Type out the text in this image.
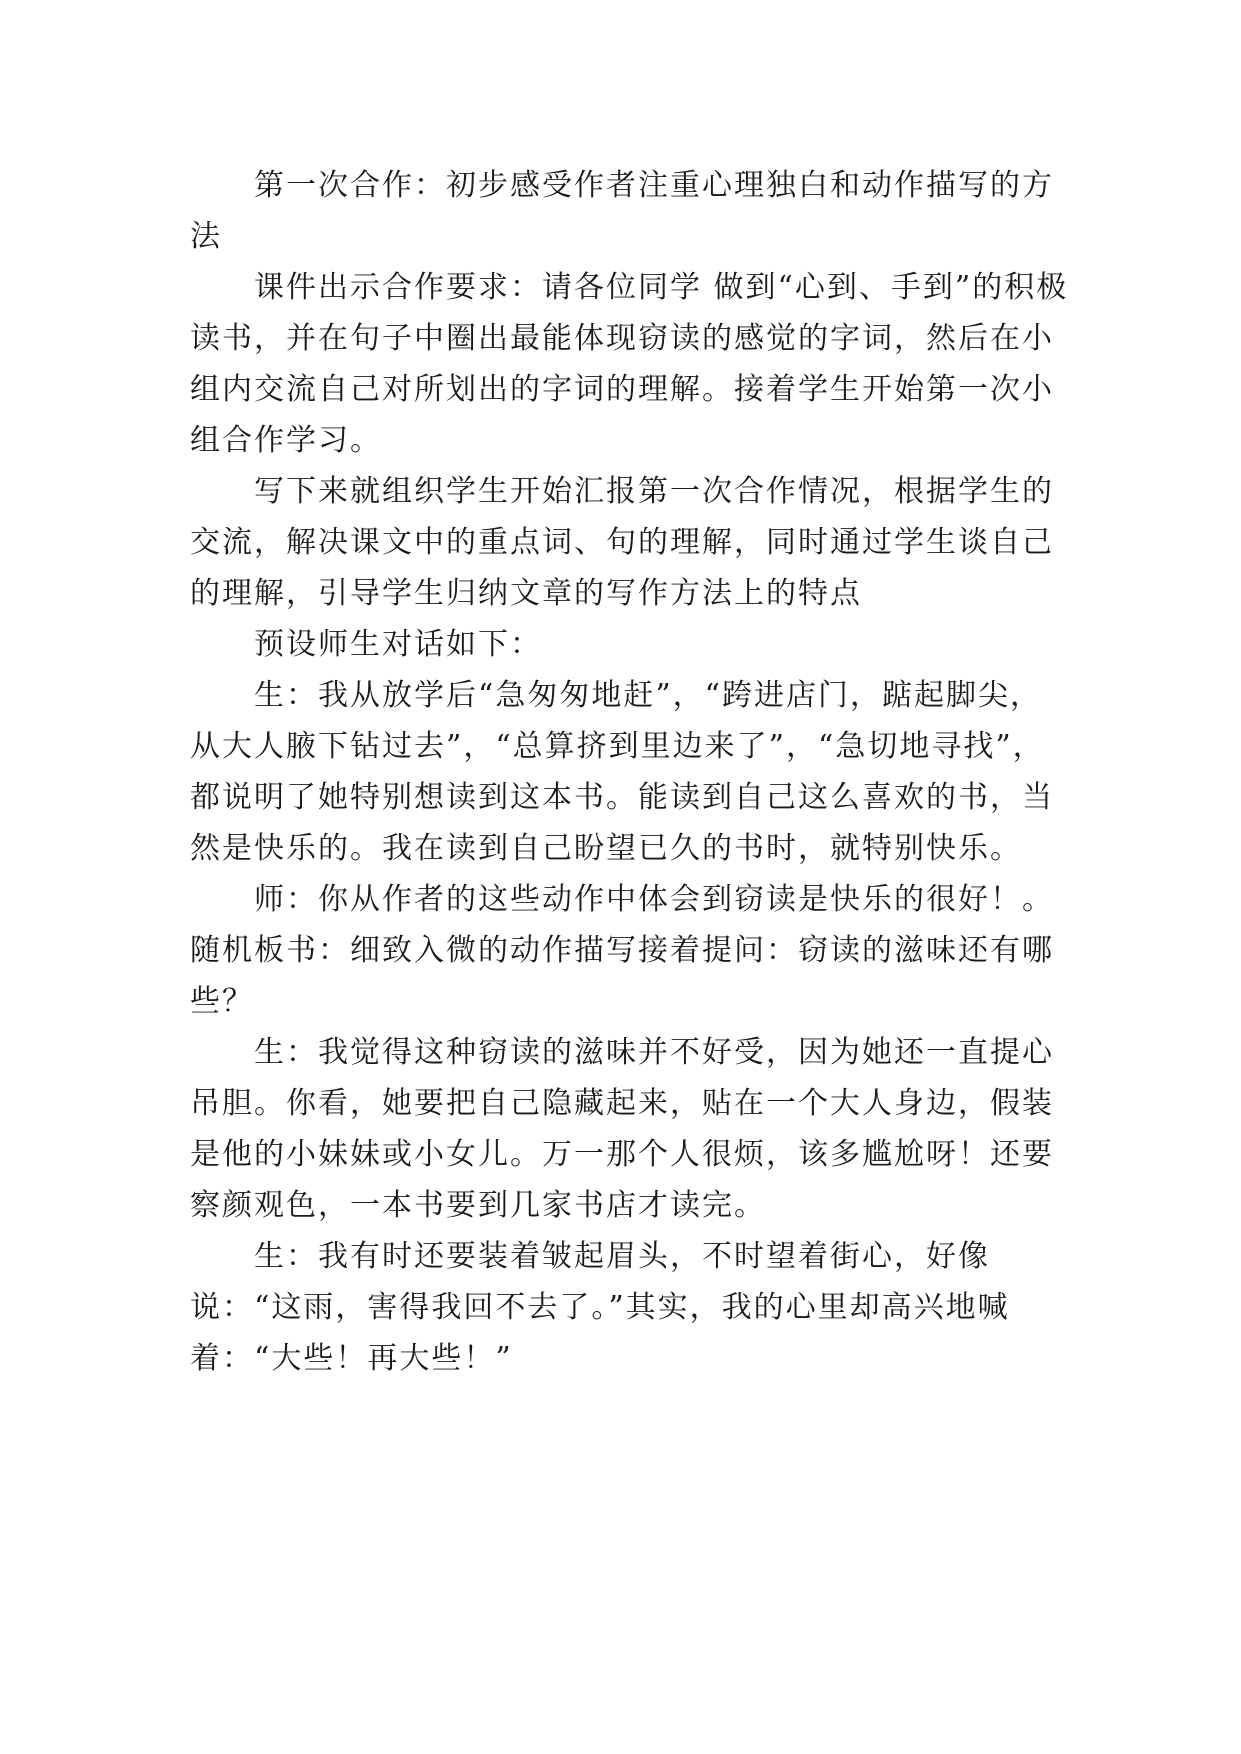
第一次合作：初步感受作者注重心理独白和动作描写的方法

课件出示合作要求：请各位同学 做到“心到、手到”的积极读书，并在句子中圈出最能体现窃读的感觉的字词，然后在小组内交流自己对所划出的字词的理解。接着学生开始第一次小组合作学习。

写下来就组织学生开始汇报第一次合作情况，根据学生的交流，解决课文中的重点词、句的理解，同时通过学生谈自己的理解，引导学生归纳文章的写作方法上的特点

预设师生对话如下：

生：我从放学后“急匆匆地赶”，“跨进店门，踮起脚尖，从大人腋下钻过去”，“总算挤到里边来了”，“急切地寻找”，都说明了她特别想读到这本书。能读到自己这么喜欢的书，当然是快乐的。我在读到自己盼望已久的书时，就特别快乐。

师：你从作者的这些动作中体会到窃读是快乐的很好！。随机板书：细致入微的动作描写接着提问：窃读的滋味还有哪些？

生：我觉得这种窃读的滋味并不好受，因为她还一直提心吊胆。你看，她要把自己隐藏起来，贴在一个大人身边，假装是他的小妹妹或小女儿。万一那个人很烦，该多尴尬呀！还要察颜观色，一本书要到几家书店才读完。

生：我有时还要装着皱起眉头，不时望着街心，好像说：“这雨，害得我回不去了。”其实，我的心里却高兴地喊着：“大些！再大些！”
